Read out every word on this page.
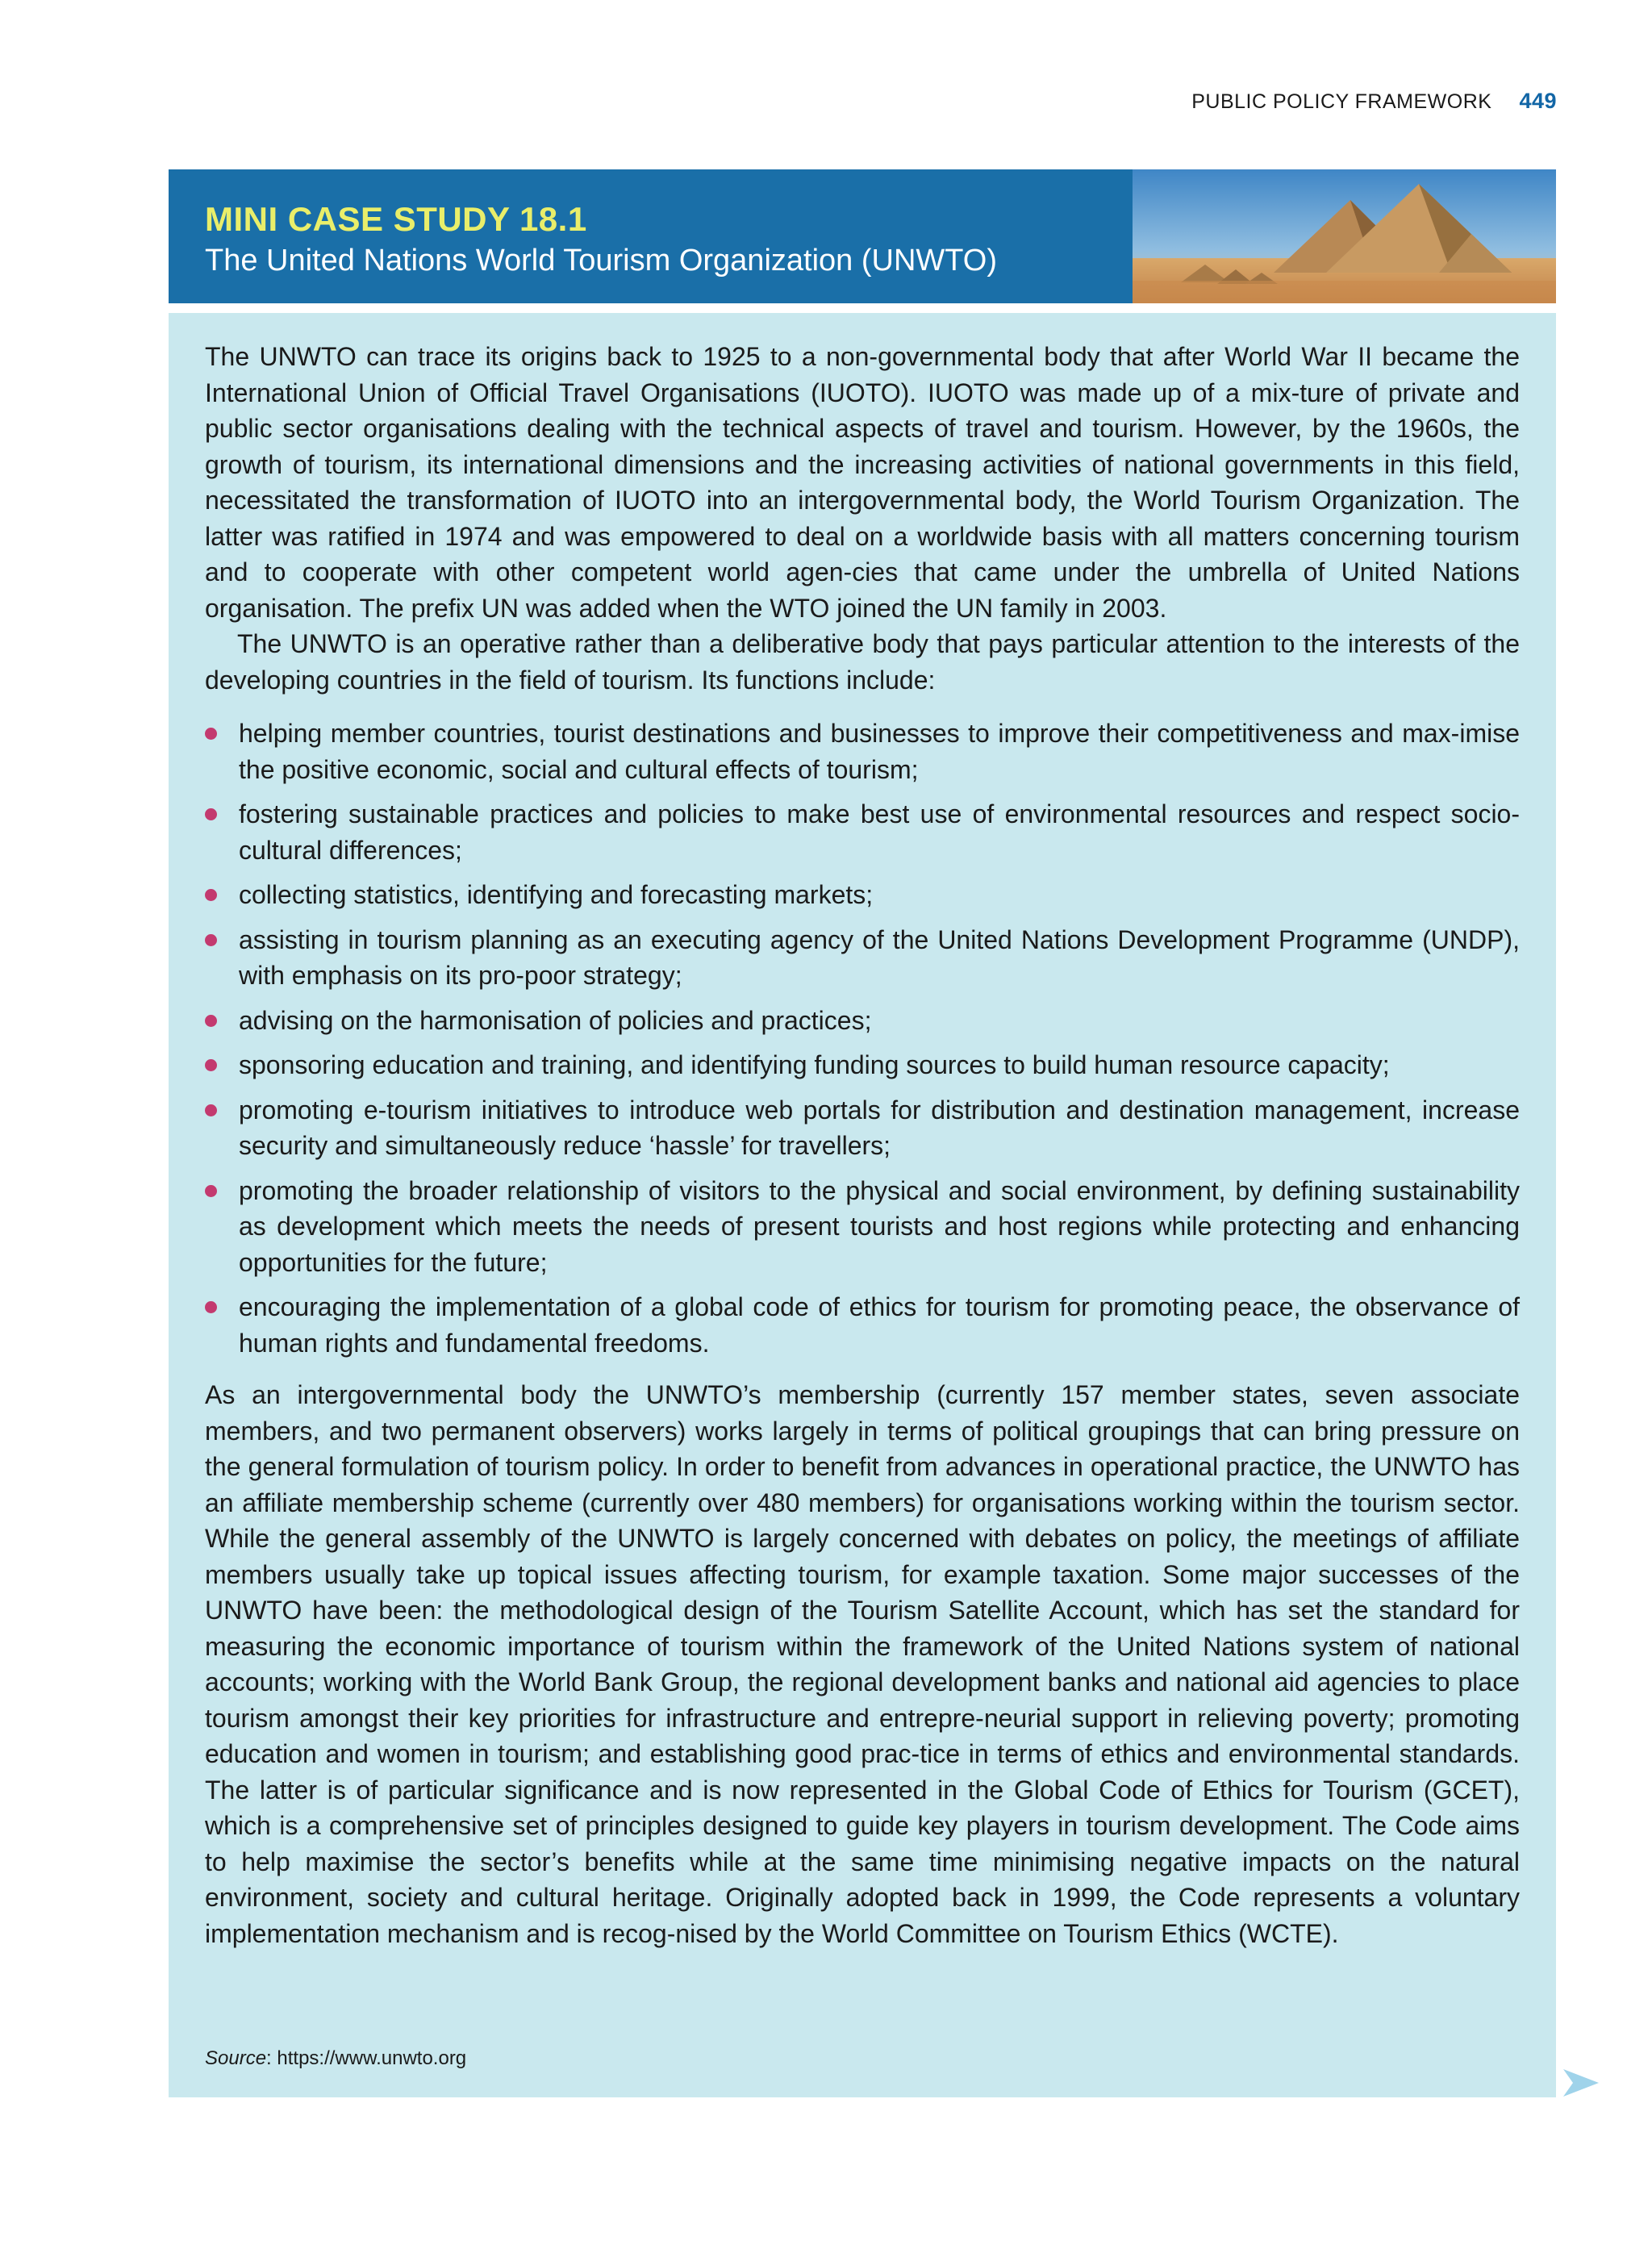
PUBLIC POLICY FRAMEWORK 449
MINI CASE STUDY 18.1
The United Nations World Tourism Organization (UNWTO)

The UNWTO can trace its origins back to 1925 to a non-governmental body that after World War II became the International Union of Official Travel Organisations (IUOTO). IUOTO was made up of a mix-ture of private and public sector organisations dealing with the technical aspects of travel and tourism. However, by the 1960s, the growth of tourism, its international dimensions and the increasing activities of national governments in this field, necessitated the transformation of IUOTO into an intergovernmental body, the World Tourism Organization. The latter was ratified in 1974 and was empowered to deal on a worldwide basis with all matters concerning tourism and to cooperate with other competent world agen-cies that came under the umbrella of United Nations organisation. The prefix UN was added when the WTO joined the UN family in 2003.

The UNWTO is an operative rather than a deliberative body that pays particular attention to the interests of the developing countries in the field of tourism. Its functions include:

helping member countries, tourist destinations and businesses to improve their competitiveness and max-imise the positive economic, social and cultural effects of tourism;
fostering sustainable practices and policies to make best use of environmental resources and respect socio-cultural differences;
collecting statistics, identifying and forecasting markets;
assisting in tourism planning as an executing agency of the United Nations Development Programme (UNDP), with emphasis on its pro-poor strategy;
advising on the harmonisation of policies and practices;
sponsoring education and training, and identifying funding sources to build human resource capacity;
promoting e-tourism initiatives to introduce web portals for distribution and destination management, increase security and simultaneously reduce ‘hassle’ for travellers;
promoting the broader relationship of visitors to the physical and social environment, by defining sustainability as development which meets the needs of present tourists and host regions while protecting and enhancing opportunities for the future;
encouraging the implementation of a global code of ethics for tourism for promoting peace, the observance of human rights and fundamental freedoms.

As an intergovernmental body the UNWTO’s membership (currently 157 member states, seven associate members, and two permanent observers) works largely in terms of political groupings that can bring pressure on the general formulation of tourism policy. In order to benefit from advances in operational practice, the UNWTO has an affiliate membership scheme (currently over 480 members) for organisations working within the tourism sector. While the general assembly of the UNWTO is largely concerned with debates on policy, the meetings of affiliate members usually take up topical issues affecting tourism, for example taxation. Some major successes of the UNWTO have been: the methodological design of the Tourism Satellite Account, which has set the standard for measuring the economic importance of tourism within the framework of the United Nations system of national accounts; working with the World Bank Group, the regional development banks and national aid agencies to place tourism amongst their key priorities for infrastructure and entrepre-neurial support in relieving poverty; promoting education and women in tourism; and establishing good prac-tice in terms of ethics and environmental standards. The latter is of particular significance and is now represented in the Global Code of Ethics for Tourism (GCET), which is a comprehensive set of principles designed to guide key players in tourism development. The Code aims to help maximise the sector’s benefits while at the same time minimising negative impacts on the natural environment, society and cultural heritage. Originally adopted back in 1999, the Code represents a voluntary implementation mechanism and is recog-nised by the World Committee on Tourism Ethics (WCTE).

Source: https://www.unwto.org
